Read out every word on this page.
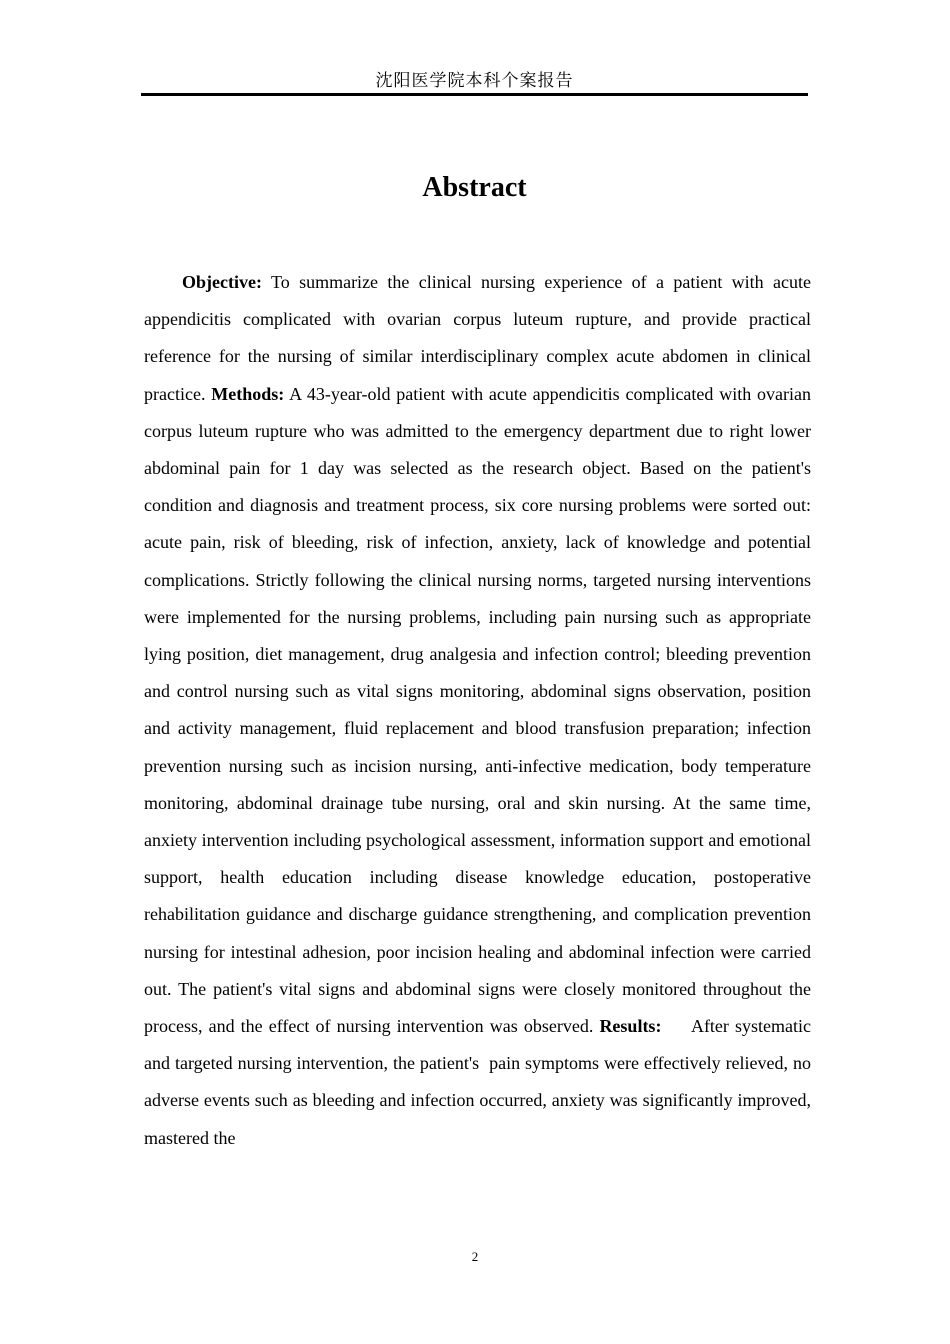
沈阳医学院本科个案报告
Abstract

Objective: To summarize the clinical nursing experience of a patient with acute appendicitis complicated with ovarian corpus luteum rupture, and provide practical reference for the nursing of similar interdisciplinary complex acute abdomen in clinical practice. Methods: A 43-year-old patient with acute appendicitis complicated with ovarian corpus luteum rupture who was admitted to the emergency department due to right lower abdominal pain for 1 day was selected as the research object. Based on the patient's condition and diagnosis and treatment process, six core nursing problems were sorted out: acute pain, risk of bleeding, risk of infection, anxiety, lack of knowledge and potential complications. Strictly following the clinical nursing norms, targeted nursing interventions were implemented for the nursing problems, including pain nursing such as appropriate lying position, diet management, drug analgesia and infection control; bleeding prevention and control nursing such as vital signs monitoring, abdominal signs observation, position and activity management, fluid replacement and blood transfusion preparation; infection prevention nursing such as incision nursing, anti-infective medication, body temperature monitoring, abdominal drainage tube nursing, oral and skin nursing. At the same time, anxiety intervention including psychological assessment, information support and emotional support, health education including disease knowledge education, postoperative rehabilitation guidance and discharge guidance strengthening, and complication prevention nursing for intestinal adhesion, poor incision healing and abdominal infection were carried out. The patient's vital signs and abdominal signs were closely monitored throughout the process, and the effect of nursing intervention was observed. Results:     After systematic and targeted nursing intervention, the patient's  pain symptoms were effectively relieved, no adverse events such as bleeding and infection occurred, anxiety was significantly improved, mastered the

2
